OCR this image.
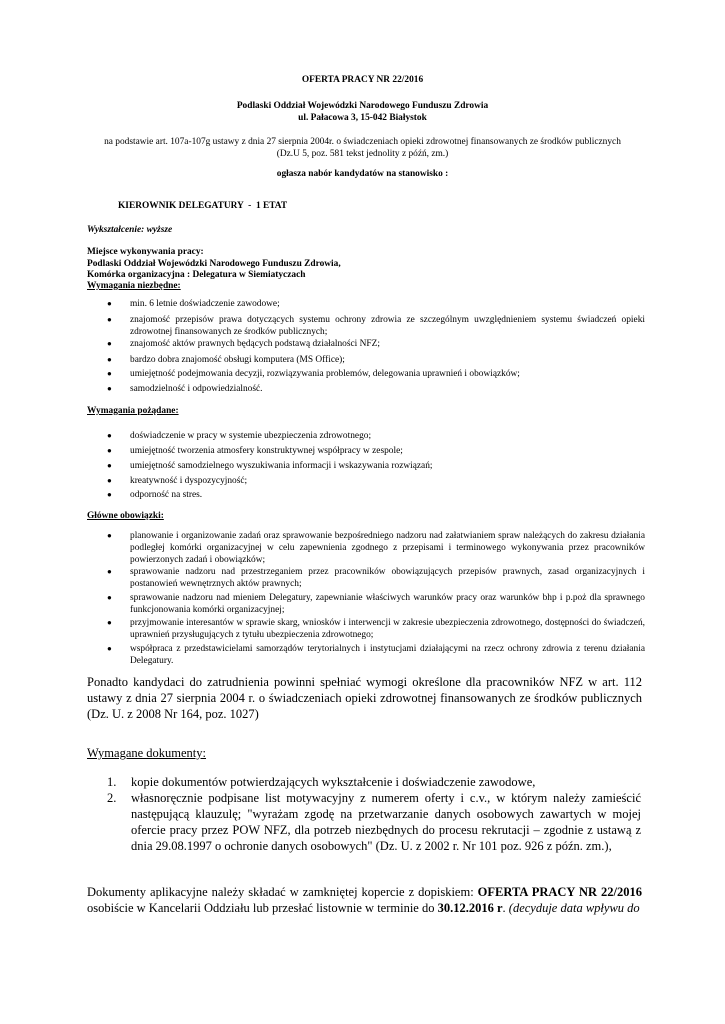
OFERTA PRACY NR 22/2016
Podlaski Oddział Wojewódzki Narodowego Funduszu Zdrowia
ul. Pałacowa 3, 15-042 Białystok
na podstawie art. 107a-107g ustawy z dnia 27 sierpnia 2004r. o świadczeniach opieki zdrowotnej finansowanych ze środków publicznych
(Dz.U 5, poz. 581 tekst jednolity z późń, zm.)
ogłasza nabór kandydatów na stanowisko :
KIEROWNIK DELEGATURY  -  1 ETAT
Wykształcenie: wyższe
Miejsce wykonywania pracy:
Podlaski Oddział Wojewódzki Narodowego Funduszu Zdrowia,
Komórka organizacyjna : Delegatura w Siemiatyczach
Wymagania niezbędne:
● min. 6 letnie doświadczenie zawodowe;
● znajomość przepisów prawa dotyczących systemu ochrony zdrowia ze szczególnym uwzględnieniem systemu świadczeń opieki zdrowotnej finansowanych ze środków publicznych;
● znajomość aktów prawnych będących podstawą działalności NFZ;
● bardzo dobra znajomość obsługi komputera (MS Office);
● umiejętność podejmowania decyzji, rozwiązywania problemów, delegowania uprawnień i obowiązków;
● samodzielność i odpowiedzialność.
Wymagania pożądane:
● doświadczenie w pracy w systemie ubezpieczenia zdrowotnego;
● umiejętność tworzenia atmosfery konstruktywnej współpracy w zespole;
● umiejętność samodzielnego wyszukiwania informacji i wskazywania rozwiązań;
● kreatywność i dyspozycyjność;
● odporność na stres.
Główne obowiązki:
● planowanie i organizowanie zadań oraz sprawowanie bezpośredniego nadzoru nad załatwianiem spraw należących do zakresu działania podległej komórki organizacyjnej w celu zapewnienia zgodnego z przepisami i terminowego wykonywania przez pracowników powierzonych zadań i obowiązków;
● sprawowanie nadzoru nad przestrzeganiem przez pracowników obowiązujących przepisów prawnych, zasad organizacyjnych i postanowień wewnętrznych aktów prawnych;
● sprawowanie nadzoru nad mieniem Delegatury, zapewnianie właściwych warunków pracy oraz warunków bhp i p.poż dla sprawnego funkcjonowania komórki organizacyjnej;
● przyjmowanie interesantów w sprawie skarg, wniosków i interwencji w zakresie ubezpieczenia zdrowotnego, dostępności do świadczeń, uprawnień przysługujących z tytułu ubezpieczenia zdrowotnego;
● współpraca z przedstawicielami samorządów terytorialnych i instytucjami działającymi na rzecz ochrony zdrowia z terenu działania Delegatury.
Ponadto kandydaci do zatrudnienia powinni spełniać wymogi określone dla pracowników NFZ w art. 112 ustawy z dnia 27 sierpnia 2004 r. o świadczeniach opieki zdrowotnej finansowanych ze środków publicznych (Dz. U. z 2008 Nr 164, poz. 1027)
Wymagane dokumenty:
1. kopie dokumentów potwierdzających wykształcenie i doświadczenie zawodowe,
2. własnoręcznie podpisane list motywacyjny z numerem oferty i c.v., w którym należy zamieścić następującą klauzulę; "wyrażam zgodę na przetwarzanie danych osobowych zawartych w mojej ofercie pracy przez POW NFZ, dla potrzeb niezbędnych do procesu rekrutacji – zgodnie z ustawą z dnia 29.08.1997 o ochronie danych osobowych" (Dz. U. z 2002 r. Nr 101 poz. 926 z późn. zm.),
Dokumenty aplikacyjne należy składać w zamkniętej kopercie z dopiskiem: OFERTA PRACY NR 22/2016 osobiście w Kancelarii Oddziału lub przesłać listownie w terminie do 30.12.2016 r. (decyduje data wpływu do
